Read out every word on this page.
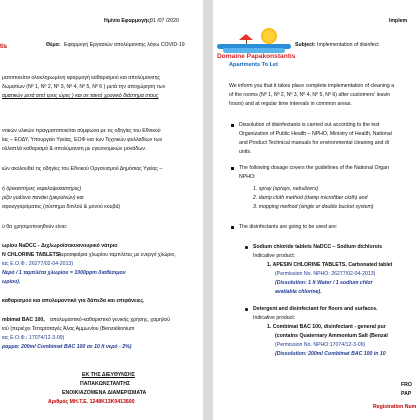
Ημ/νία Εφαρμογής:
01 /07 /2020
tis	Θέμα: Εφαρμογή Εργασιών απολύμανσης λόγω COVID-19
ματοποιείται ολοκληρωμένη εφαρμογή καθαρισμού και απολύμανσης
δωματίων (Nº 1, Nº 2, Nº 3, Nº 4, Nº 5, Nº 6 ) μετά την αποχώρηση των
αματικών μετά από τρεις ώρες ) και σε τακτό χρονικό διάστημα στους
ντικών υλικών πραγματοποιείται σύμφωνα με τις οδηγίες του Εθνικού
ίας – ΕΟΔΥ, Υπουργείο Υγείας, ΕΟΦ και των Τεχνικών φυλλαδίων των
ολλαπλά καθαρισμό & απολύμανση με υγειονομικών μονάδων.
ιών ακολουθεί τις οδηγίες του Εθνικού Οργανισμού Δημόσιας Υγείας –
ή (ψεκαστήρες νεφελοψεκαστήρες)
ρίζει γυάλινο πανάκι (μικροϊνών) και
σφουγγαρόματος (σύστημα διπλού & μονού κουβά)
ύ θα χρησιμοποιηθούν είναι:
ωρίου NaDCC - Διχλωροϊσοκυανουρικό νάτριο
N CHLORINE TABLETS,
Αεροσφαίρια χλωρίου ταμπλέτες με ενεργό χλώριο,
ιας Ε.Ο.Φ.: 26277/02-04-2013)
Νερό / 1 ταμπλέτα χλωρίου = 1000ppm διαθέσιμου
ωρίου).
καθαρισμού και απολυμαντικό για δάπεδα και επιφάνειες.
mbimat BAC 100, απολυμαντικό-καθαριστικό γενικής χρήσης, χαμηλού
ιού (περιέχει Τεταρτοταγές Άλας Αμμωνίου (Benzalkonium
ιας Ε.Ο.Φ.: 17074/12-3-09)
ραμμα: 200ml Combimat BAC 100 σε 10 lt νερό - 2%)
ΕΚ ΤΗΣ ΔΙΕΥΘΥΝΣΗΣ
ΠΑΠΑΚΩΝΣΤΑΝΤΗΣ
ΕΝΟΙΚΙΑΖΟΜΕΝΑ ΔΙΑΜΕΡΙΣΜΑΤΑ
Αριθμός ΜΗ.Τ.Ε. 1248Κ13Κ0413600
Implem
Domaine Papakonstantis
Apartments To Let
Subject: Implementation of disinfect
We inform you that it takes place complete implementation of cleaning a
of the rooms (Nº 1, Nº 2, Nº 3, Nº 4, Nº 5, Nº 6) after customers' leavin
hours) and at regular time intervals in common areas.
Dissolution of disinfectants is carried out according to the inst
Organization of Public Health – NPHO, Ministry of Health, National
and Product Technical manuals for environmental cleaning and di
units.
The following dosage covers the guidelines of the National Organ
NPHO:
1. spray (sprays, nebulizers)
2. damp cloth method (damp microfiber cloth) and
3. mopping method (single or double bucket system)
The disinfectants are going to be used are:
Sodium chloride tablets NaDCC – Sodium dichlorois
Indicative product:
1. APESIN CHLORINE TABLETS, Carbonated tablet
(Permission No. NPHO: 26277/02-04-2013)
(Dissolution: 1 lt Water / 1 sodium chlor
available chlorine).
Detergent and disinfectant for floors and surfaces.
Indicative product:
1. Combimat BAC 100, disinfectant - general pur
(contains Quaternary Ammonium Salt (Benzal
(Permission No. NPHO:17074/12-3-09)
(Dissolution: 200ml Combimat BAC 100 in 10
FRO
PAP
Registration Num
